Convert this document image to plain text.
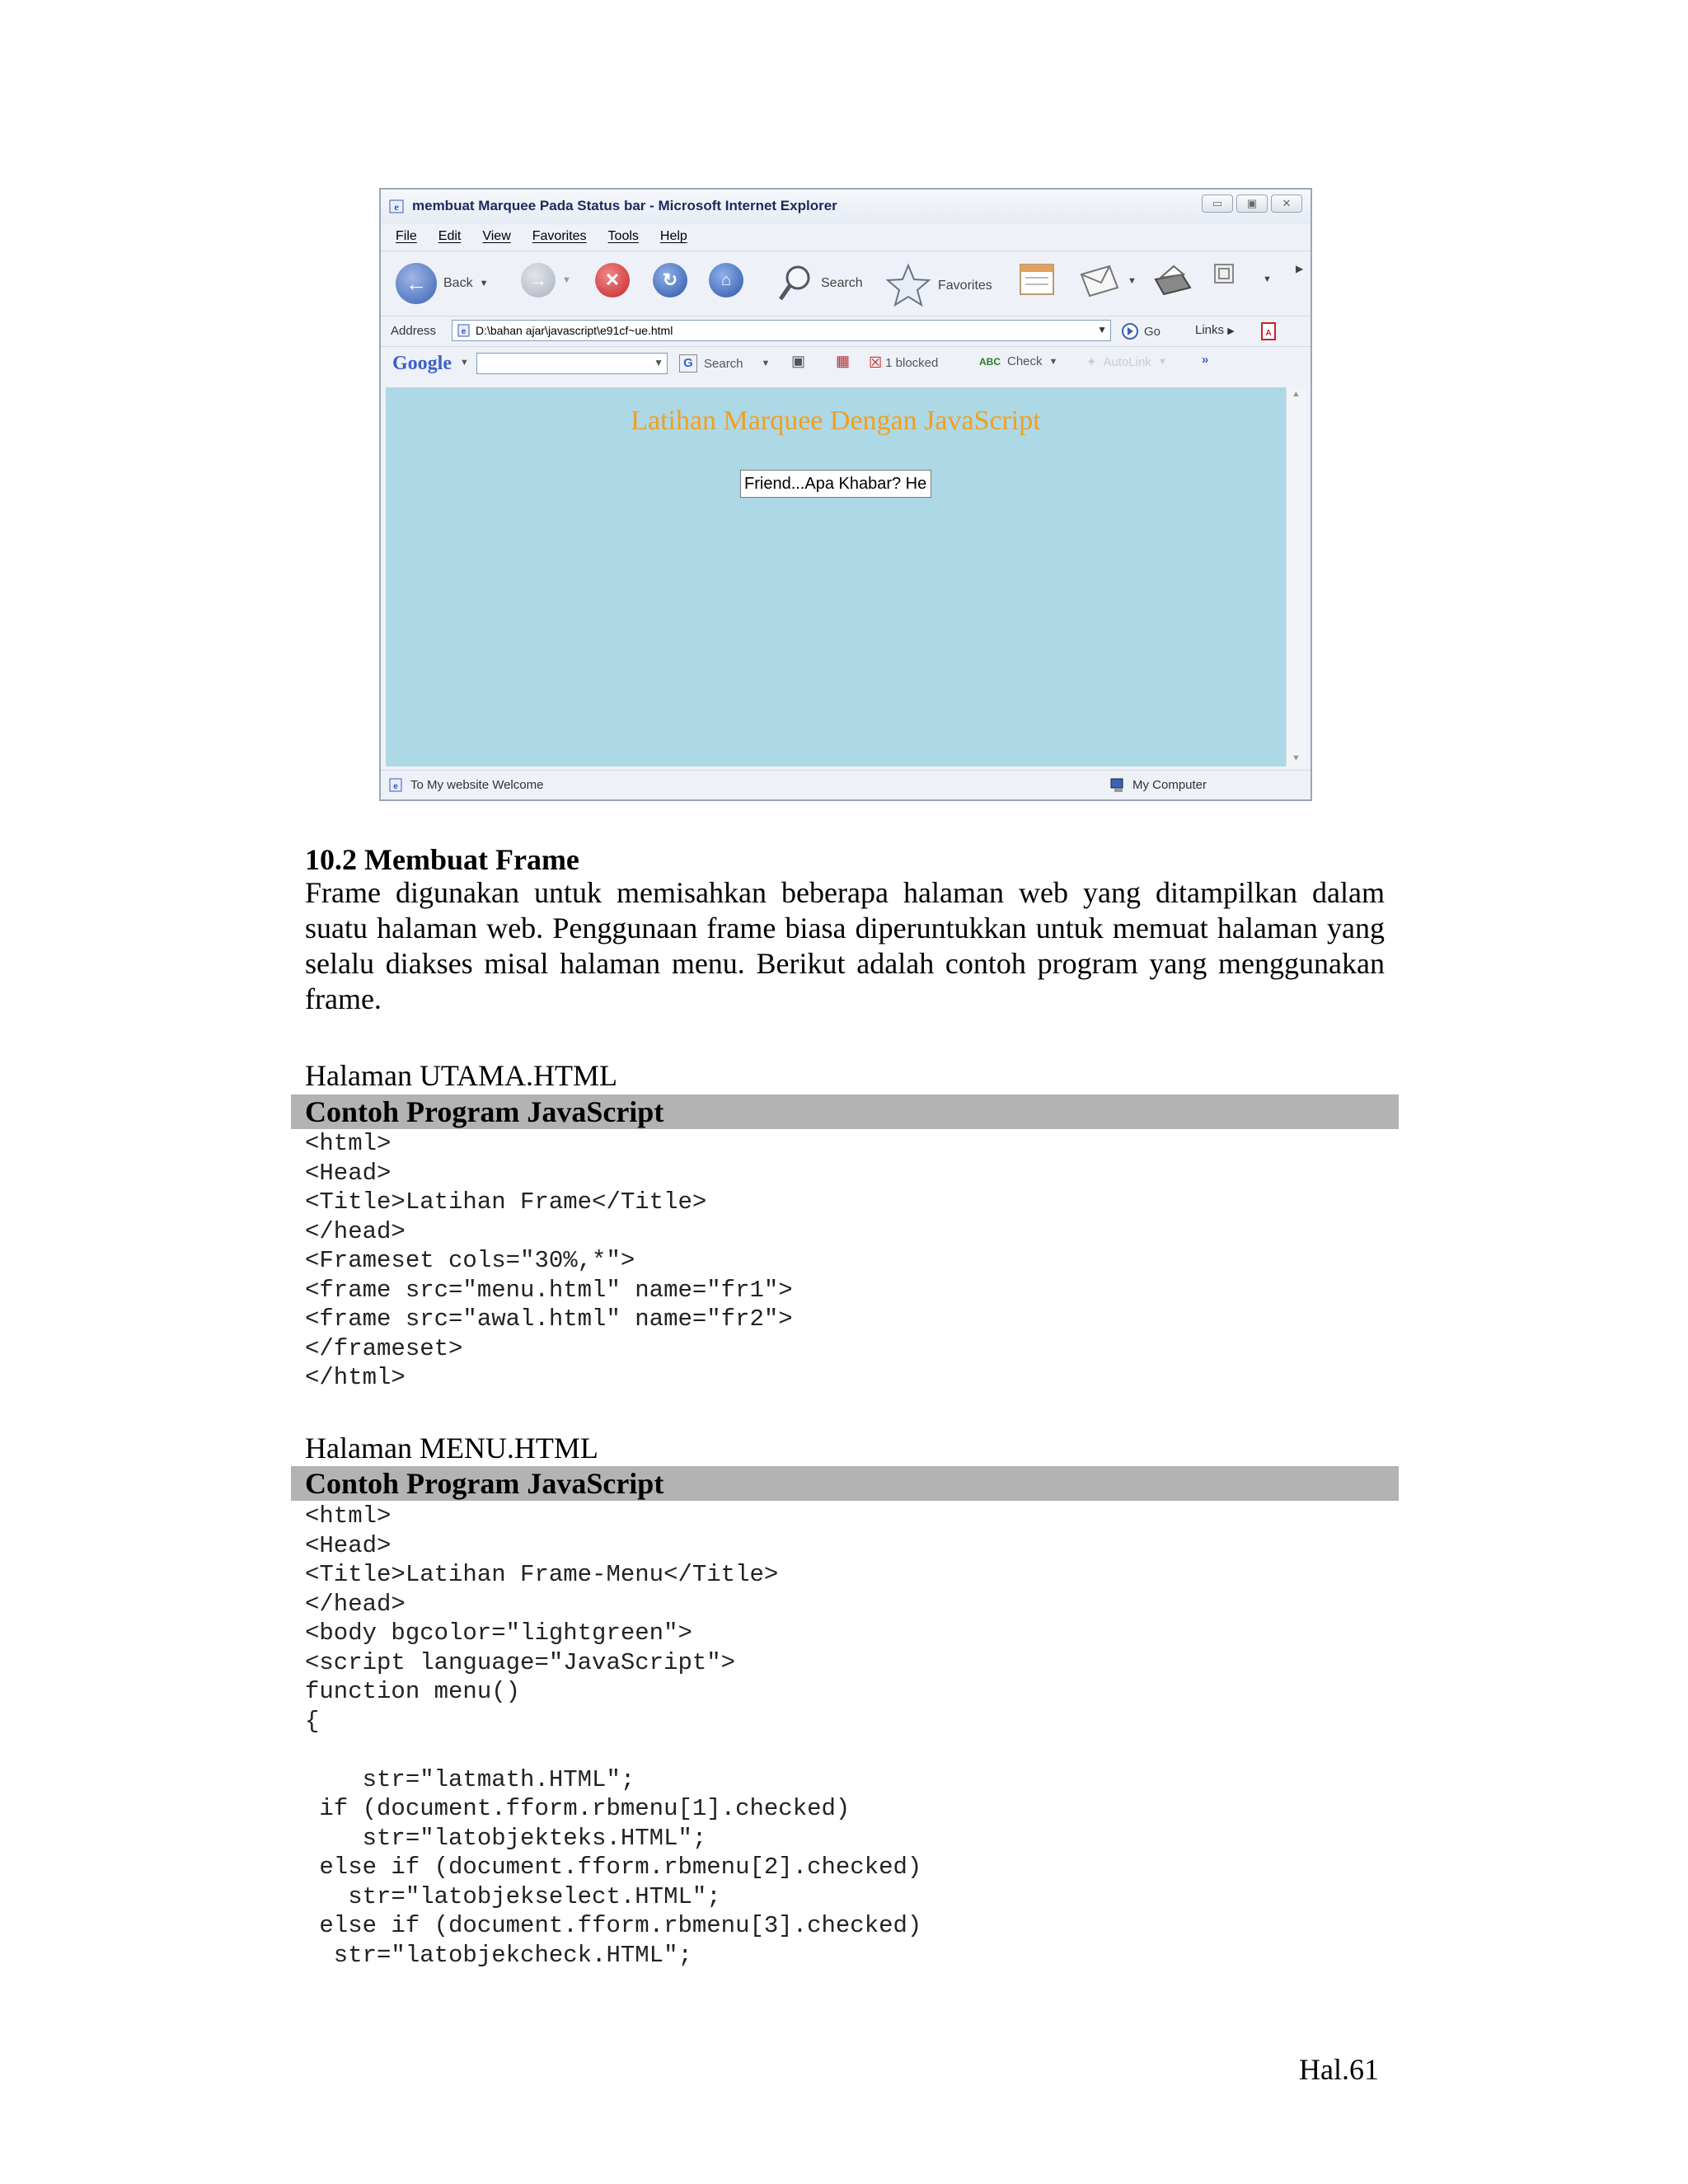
e membuat Marquee Pada Status bar - Microsoft Internet Explorer	▭	▣	✕
File Edit View Favorites Tools Help
←	Back ▼	→	▼	✕	↻	⌂	Search	Favorites	▼	▼
▶
Address	e D:\bahan ajar\javascript\e91cf~ue.html	▼	Go	Links ▶	A
Google ▼	▼	G Search ▼ ▣ ▦ ☒ 1 blocked	ABC Check ▼ ✦ AutoLink ▼	»
Latihan Marquee Dengan JavaScript
Friend...Apa Khabar? He
▲
▼
e To My website Welcome	My Computer
10.2 Membuat Frame
Frame digunakan untuk memisahkan beberapa halaman web yang ditampilkan dalam suatu halaman web. Penggunaan frame biasa diperuntukkan untuk memuat halaman yang selalu diakses misal halaman menu. Berikut adalah contoh program yang menggunakan frame.
Halaman UTAMA.HTML
Contoh Program JavaScript
<html>
<Head>
<Title>Latihan Frame</Title>
</head>
<Frameset cols="30%,*">
<frame src="menu.html" name="fr1">
<frame src="awal.html" name="fr2">
</frameset>
</html>
Halaman MENU.HTML
Contoh Program JavaScript
<html>
<Head>
<Title>Latihan Frame-Menu</Title>
</head>
<body bgcolor="lightgreen">
<script language="JavaScript">
function menu()
{

str="latmath.HTML";
if (document.fform.rbmenu[1].checked)
str="latobjekteks.HTML";
else if (document.fform.rbmenu[2].checked)
str="latobjekselect.HTML";
else if (document.fform.rbmenu[3].checked)
str="latobjekcheck.HTML";
Hal.61
